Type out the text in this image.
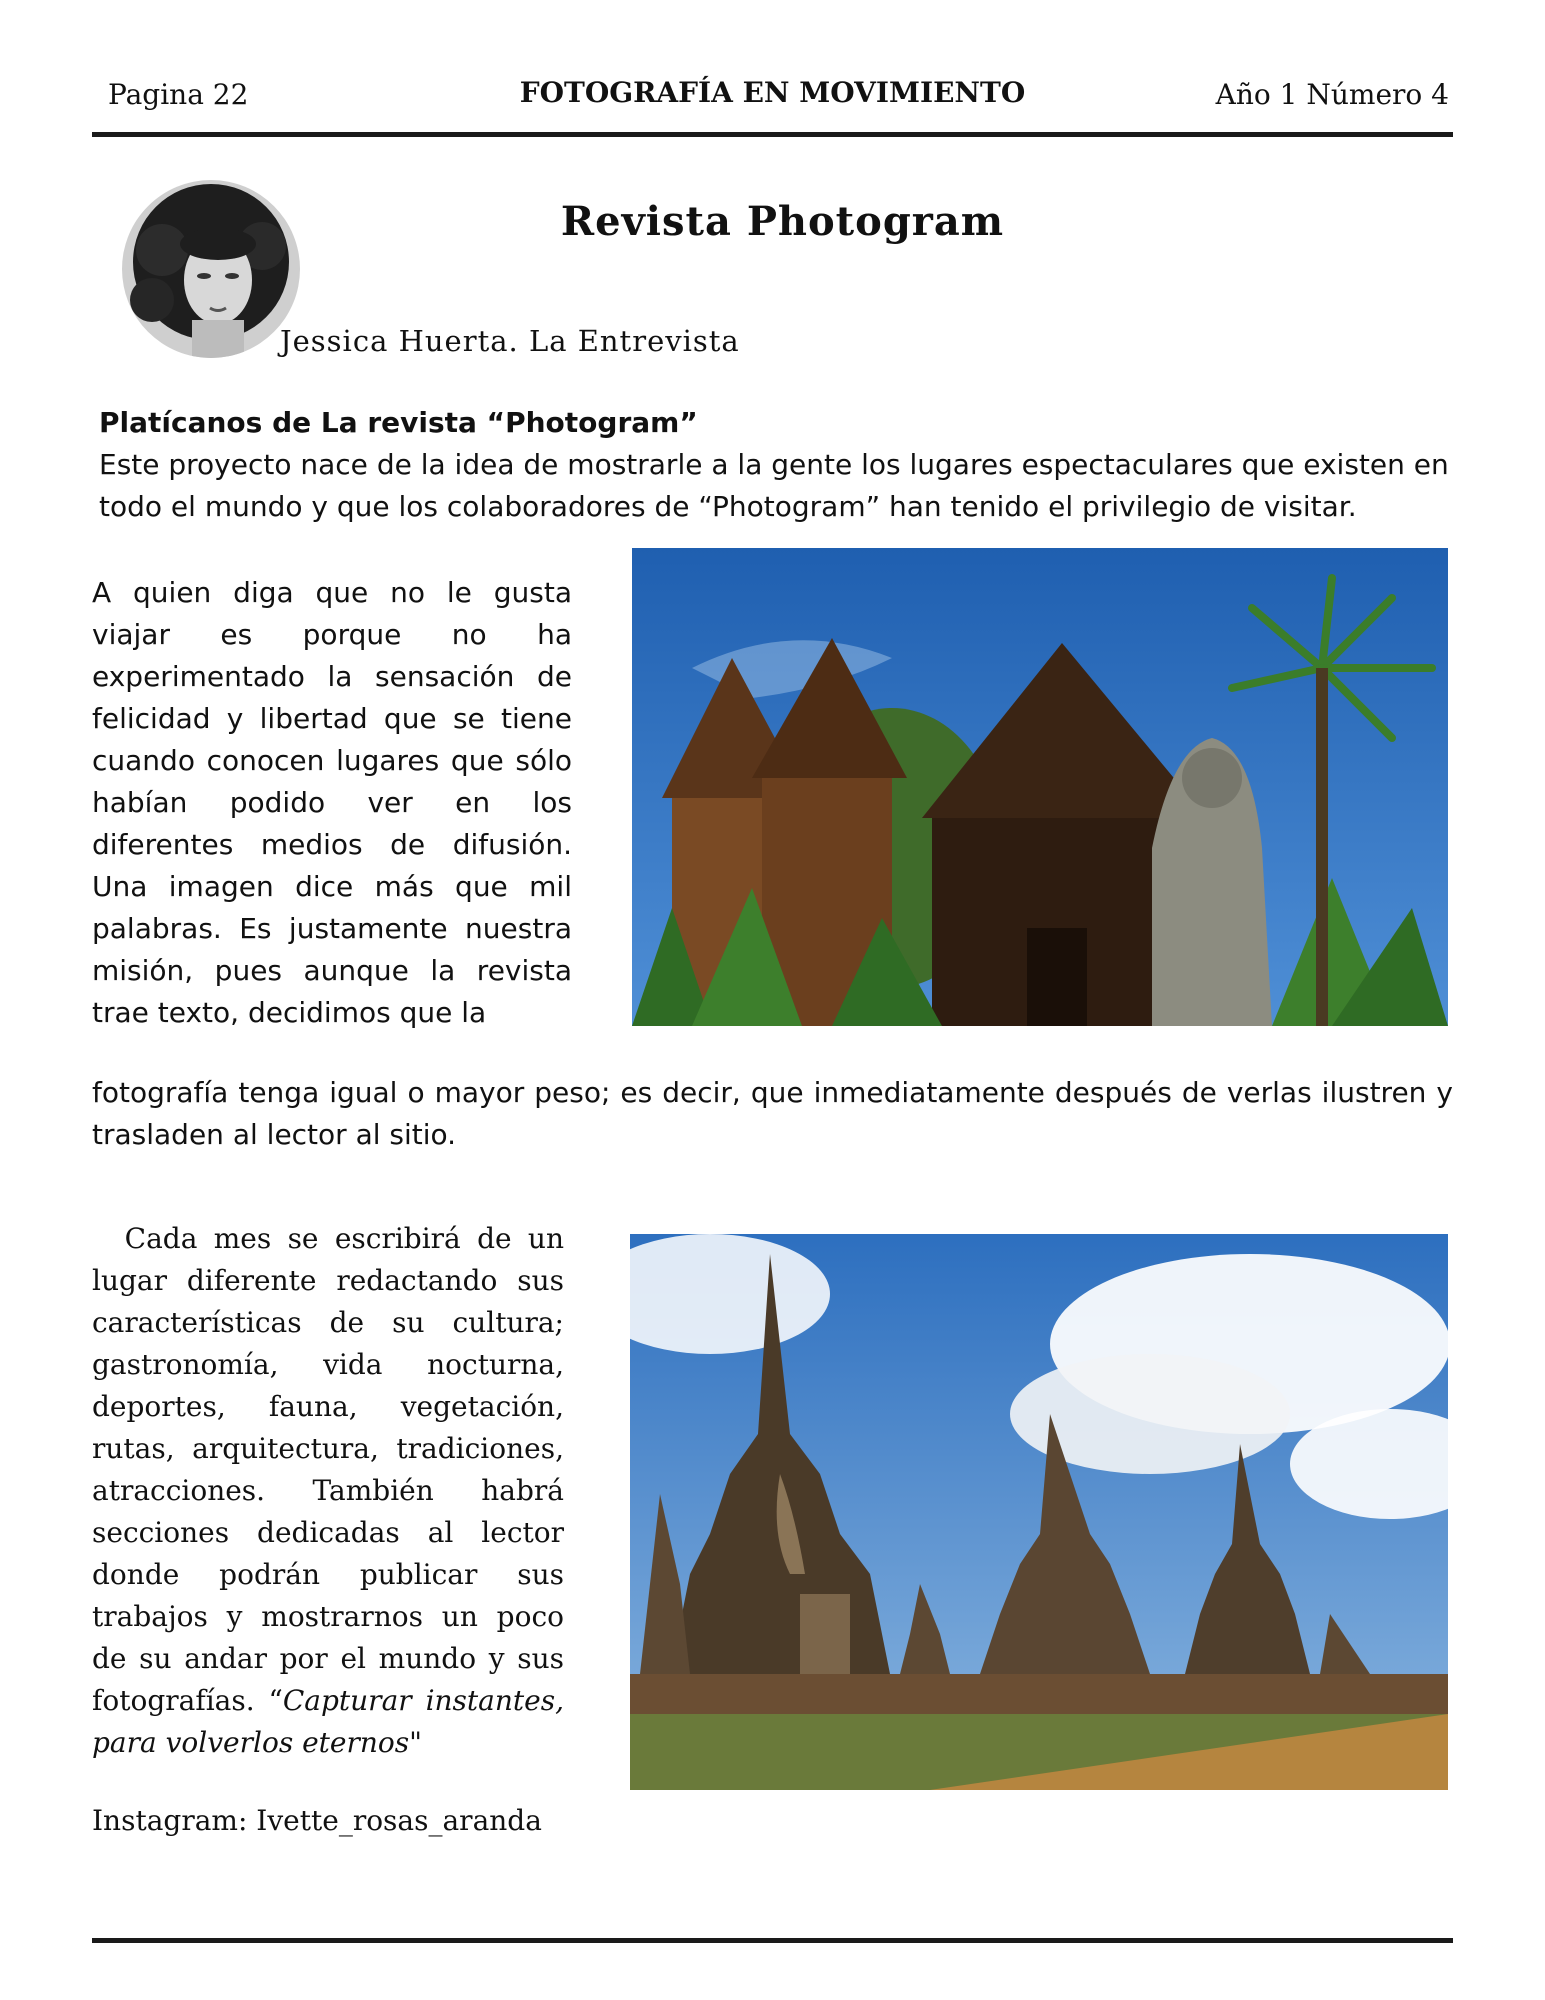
Pagina 22	FOTOGRAFÍA EN MOVIMIENTO	Año 1 Número 4
Revista Photogram
Jessica Huerta. La Entrevista
Platícanos de La revista “Photogram”
Este proyecto nace de la idea de mostrarle a la gente los lugares espectaculares que existen en todo el mundo y que los colaboradores de “Photogram” han tenido el privilegio de visitar.
A quien diga que no le gusta viajar es porque no ha experimentado la sensación de felicidad y libertad que se tiene cuando conocen lugares que sólo habían podido ver en los diferentes medios de difusión. Una imagen dice más que mil palabras. Es justamente nuestra misión, pues aunque la revista trae texto, decidimos que la
fotografía tenga igual o mayor peso; es decir, que inmediatamente después de verlas ilustren y trasladen al lector al sitio.
Cada mes se escribirá de un lugar diferente redactando sus características de su cultura; gastronomía, vida nocturna, deportes, fauna, vegetación, rutas, arquitectura, tradiciones, atracciones. También habrá secciones dedicadas al lector donde podrán publicar sus trabajos y mostrarnos un poco de su andar por el mundo y sus fotografías. “Capturar instantes, para volverlos eternos"
Instagram: Ivette_rosas_aranda
